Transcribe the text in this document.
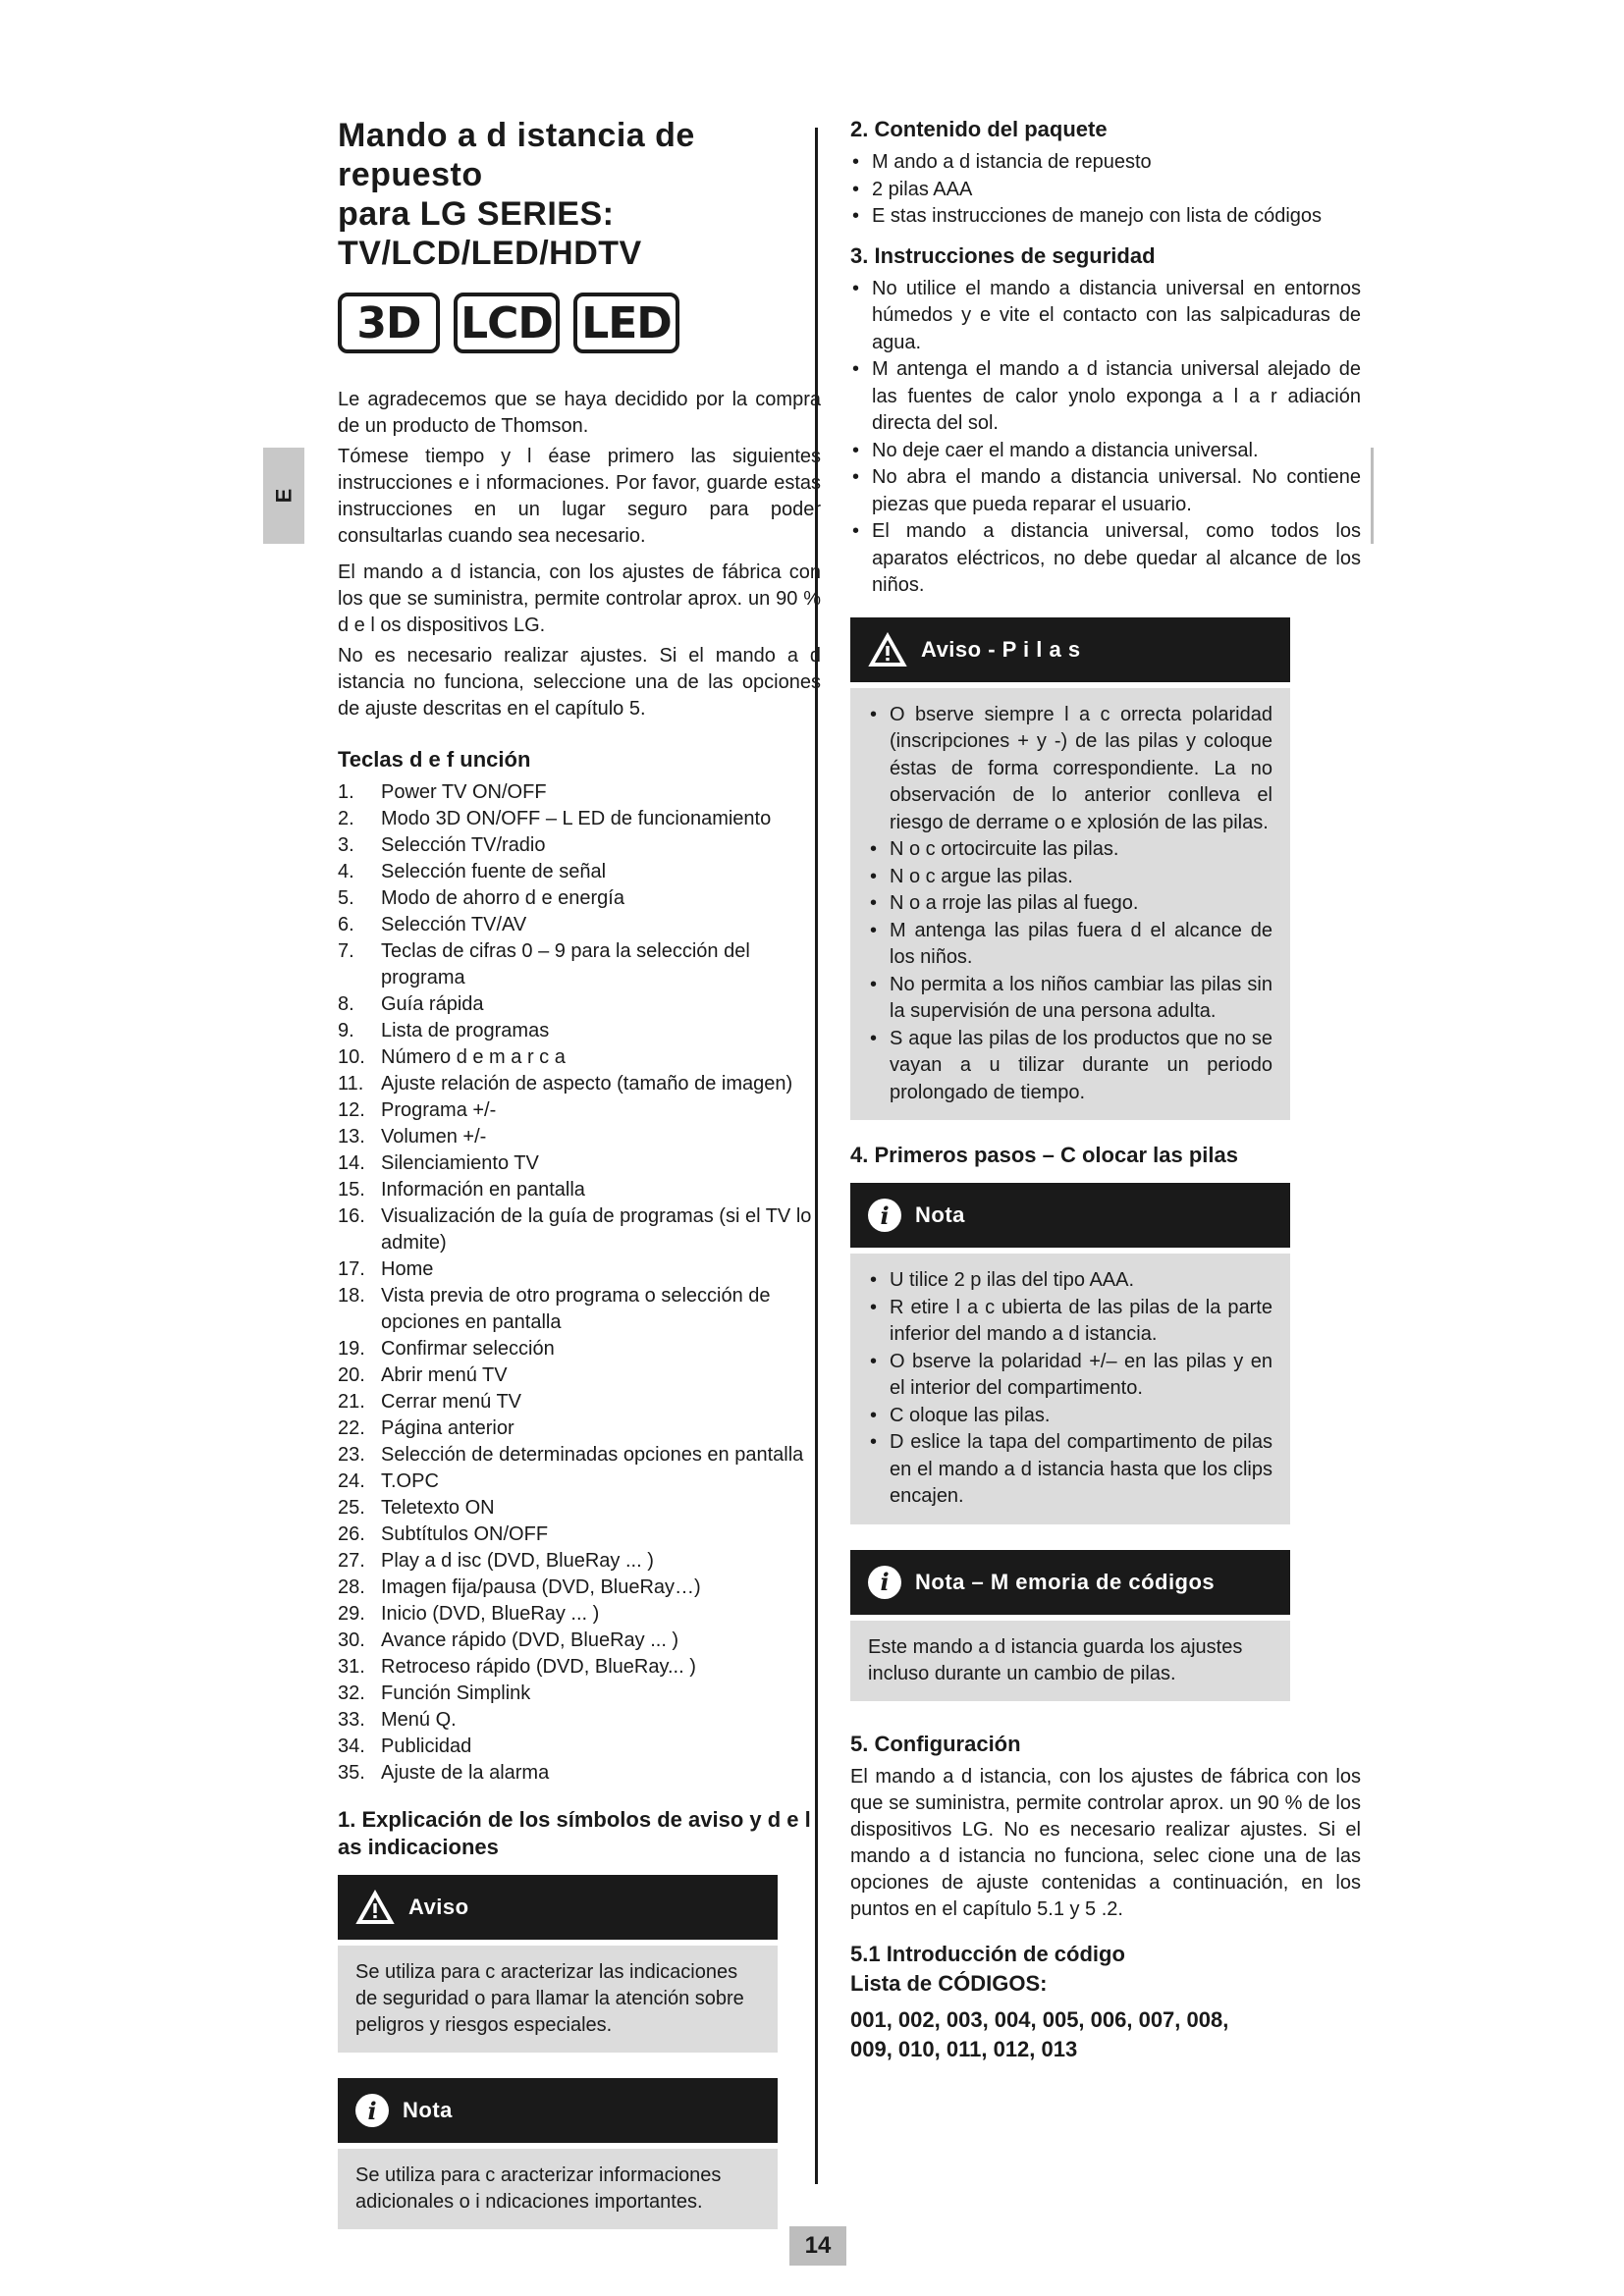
E
Mando a d istancia de repuesto
para LG SERIES: TV/LCD/LED/HDTV
3D LCD LED

Le agradecemos que se haya decidido por la compra de un producto de Thomson.

Tómese tiempo y l éase primero las siguientes instrucciones e i nformaciones. Por favor, guarde estas instrucciones en un lugar seguro para poder consultarlas cuando sea necesario.

El mando a d istancia, con los ajustes de fábrica con los que se suministra, permite controlar aprox. un 90 % d e l os dispositivos LG.

No es necesario realizar ajustes. Si el mando a d istancia no funciona, seleccione una de las opciones de ajuste descritas en el capítulo 5.

Teclas d e f unción
1.	Power TV ON/OFF
2.	Modo 3D ON/OFF – L ED de funcionamiento
3.	Selección TV/radio
4.	Selección fuente de señal
5.	Modo de ahorro d e energía
6.	Selección TV/AV
7.	Teclas de cifras 0 – 9 para la selección del programa
8.	Guía rápida
9.	Lista de programas
10. Número d e m a r c a
11. Ajuste relación de aspecto (tamaño de imagen)
12. Programa +/-
13. Volumen +/-
14. Silenciamiento TV
15. Información en pantalla
16. Visualización de la guía de programas (si el TV lo admite)
17. Home
18. Vista previa de otro programa o selección de opciones en pantalla
19. Confirmar selección
20. Abrir menú TV
21. Cerrar menú TV
22. Página anterior
23. Selección de determinadas opciones en pantalla
24. T.OPC
25. Teletexto ON
26. Subtítulos ON/OFF
27. Play a d isc (DVD, BlueRay ... )
28. Imagen fija/pausa (DVD, BlueRay…)
29. Inicio (DVD, BlueRay ... )
30. Avance rápido (DVD, BlueRay ... )
31. Retroceso rápido (DVD, BlueRay... )
32. Función Simplink
33. Menú Q.
34. Publicidad
35. Ajuste de la alarma
1. Explicación de los símbolos de aviso y d e l as indicaciones
Aviso

Se utiliza para c aracterizar las indicaciones de seguridad o para llamar la atención sobre peligros y riesgos especiales.

i	Nota

Se utiliza para c aracterizar informaciones adicionales o i ndicaciones importantes.

2. Contenido del paquete
• M ando a d istancia de repuesto
• 2 pilas AAA
• E stas instrucciones de manejo con lista de códigos
3. Instrucciones de seguridad
• No utilice el mando a distancia universal en entornos húmedos y e vite el contacto con las salpicaduras de agua.
• M antenga el mando a d istancia universal alejado de las fuentes de calor ynolo exponga a l a r adiación directa del sol.
• No deje caer el mando a distancia universal.
• No abra el mando a distancia universal. No contiene piezas que pueda reparar el usuario.
• El mando a distancia universal, como todos los aparatos eléctricos, no debe quedar al alcance de los niños.
Aviso - P i l a s
• O bserve siempre l a c orrecta polaridad (inscripciones + y -) de las pilas y coloque éstas de forma correspondiente. La no observación de lo anterior conlleva el riesgo de derrame o e xplosión de las pilas.
• N o c ortocircuite las pilas.
• N o c argue las pilas.
• N o a rroje las pilas al fuego.
• M antenga las pilas fuera d el alcance de los niños.
• No permita a los niños cambiar las pilas sin la supervisión de una persona adulta.
• S aque las pilas de los productos que no se vayan a u tilizar durante un periodo prolongado de tiempo.
4. Primeros pasos – C olocar las pilas
i	Nota
• U tilice 2 p ilas del tipo AAA.
• R etire l a c ubierta de las pilas de la parte inferior del mando a d istancia.
• O bserve la polaridad +/– en las pilas y en el interior del compartimento.
• C oloque las pilas.
• D eslice la tapa del compartimento de pilas en el mando a d istancia hasta que los clips encajen.
i	Nota – M emoria de códigos

Este mando a d istancia guarda los ajustes incluso durante un cambio de pilas.

5. Configuración

El mando a d istancia, con los ajustes de fábrica con los que se suministra, permite controlar aprox. un 90 % de los dispositivos LG. No es necesario realizar ajustes. Si el mando a d istancia no funciona, selec cione una de las opciones de ajuste contenidas a continuación, en los puntos en el capítulo 5.1 y 5 .2.

5.1 Introducción de código
Lista de CÓDIGOS:
001, 002, 003, 004, 005, 006, 007, 008,
009, 010, 011, 012, 013
14
